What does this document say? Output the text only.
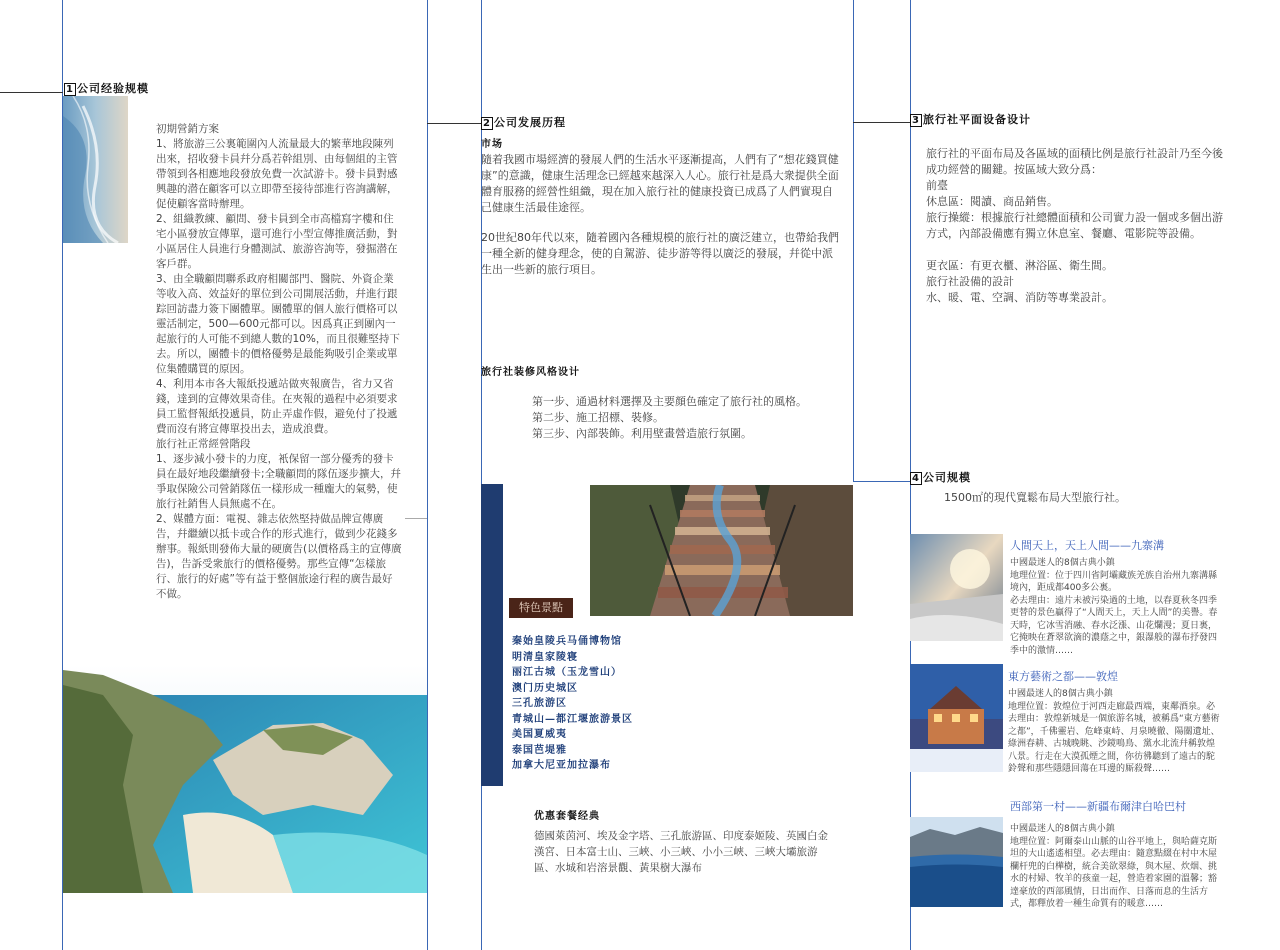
1 公司经验规模

初期營銷方案

1、將旅游三公裏範圍內人流量最大的繁華地段陳列出來，招收發卡員幷分爲若幹組別、由每個組的主管帶領到各相應地段發放免費一次試游卡。發卡員對感興趣的潜在顧客可以立即帶至接待部進行咨詢講解，促使顧客當時辦理。

2、組織教練、顧問、發卡員到全市高檔寫字樓和住宅小區發放宣傳單，還可進行小型宣傳推廣活動，對小區居住人員進行身體測試、旅游咨詢等，發掘潜在客戶群。

3、由全職顧問聯系政府相關部門、醫院、外資企業等收入高、效益好的單位到公司開展活動，幷進行跟踪回訪盡力簽下團體單。團體單的個人旅行價格可以靈活制定，500—600元都可以。因爲真正到團內一起旅行的人可能不到總人數的10%，而且很難堅持下去。所以，團體卡的價格優勢是最能夠吸引企業或單位集體購買的原因。

4、利用本市各大報紙投遞站做夾報廣告，省力又省錢，達到的宣傳效果奇佳。在夾報的過程中必須要求員工監督報紙投遞員，防止弄虛作假，避免付了投遞費而沒有將宣傳單投出去，造成浪費。

旅行社正常經營階段

1、逐步減小發卡的力度，衹保留一部分優秀的發卡員在最好地段繼續發卡;全職顧問的隊伍逐步擴大，幷爭取保險公司營銷隊伍一樣形成一種龐大的氣勢，使旅行社銷售人員無處不在。

2、媒體方面：電視、雜志依然堅持做品牌宣傳廣告，幷繼續以抵卡或合作的形式進行，做到少花錢多辦事。報紙則發佈大量的硬廣告(以價格爲主的宣傳廣告)，告訴受衆旅行的價格優勢。那些宣傳“怎樣旅行、旅行的好處”等有益于整個旅途行程的廣告最好不做。

2 公司发展历程
市场

隨着我國市場經濟的發展人們的生活水平逐漸提高，人們有了“想花錢買健康”的意識，健康生活理念已經越來越深入人心。旅行社是爲大衆提供全面體育服務的經營性組織，現在加入旅行社的健康投資已成爲了人們實現自己健康生活最佳途徑。

20世紀80年代以來，隨着國內各種規模的旅行社的廣泛建立，也帶給我們一種全新的健身理念，使的自駕游、徒步游等得以廣泛的發展，幷從中派生出一些新的旅行項目。

旅行社装修风格设计

第一步、通過材料選擇及主要顔色確定了旅行社的風格。

第二步、施工招標、裝修。

第三步、內部裝飾。利用壁畫營造旅行氛圍。

特色景點
秦始皇陵兵马俑博物馆
明清皇家陵寝
丽江古城（玉龙雪山）
澳门历史城区
三孔旅游区
青城山—都江堰旅游景区
美国夏威夷
泰国芭堤雅
加拿大尼亚加拉瀑布
优惠套餐经典

德國萊茵河、埃及金字塔、三孔旅游區、印度泰姬陵、英國白金漢宮、日本富士山、三峽、小三峽、小小三峽、三峽大壩旅游區、水城和岩溶景觀、黃果樹大瀑布

3 旅行社平面设备设计

旅行社的平面布局及各區域的面積比例是旅行社設計乃至今後成功經營的關鍵。按區域大致分爲：

前臺

休息區：閱讀、商品銷售。

旅行操縱：根據旅行社總體面積和公司實力設一個或多個出游方式，內部設備應有獨立休息室、餐廳、電影院等設備。

更衣區：有更衣櫃、淋浴區、衛生間。

旅行社設備的設計

水、暖、電、空調、消防等專業設計。

4 公司规模
1500㎡的現代寬鬆布局大型旅行社。
人間天上，天上人間——九寨溝

中國最迷人的8個古典小鎮

地理位置：位于四川省阿壩藏族羌族自治州九寨溝縣境內，距成都400多公裏。

必去理由：遠片未被污染過的土地，以春夏秋冬四季更替的景色贏得了“人間天上，天上人間”的美譽。春天時，它冰雪消融、春水泛漲、山花爛漫；夏日裏，它掩映在蒼翠欲滴的濃蔭之中，銀瀑般的瀑布抒發四季中的激情……

東方藝術之都——敦煌

中國最迷人的8個古典小鎮

地理位置：敦煌位于河西走廊最西端，東鄰酒泉。必去理由：敦煌新城是一個旅游名城，被稱爲“東方藝術之都”，千佛靈岩、危峰東峙、月泉曉徹、陽關遺址、綠洲春耕、古城晚眺、沙鏡鳴鳥、黨水北流幷稱敦煌八景。行走在大漠孤煙之間，你彷彿聽到了遠古的駝鈴聲和那些隱隱回蕩在耳邊的厮殺聲……

西部第一村——新疆布爾津白哈巴村

中國最迷人的8個古典小鎮

地理位置：阿爾泰山山脈的山谷平地上，與哈薩克斯坦的大山遙遙相望。必去理由：隨意點綴在村中木屋欄杆兜的白樺樹，統合美欲翠綠，與木屋、炊烟、挑水的村婦、牧羊的孩童一起，營造着家園的溫馨；豁達豪放的西部風情，日出而作、日落而息的生活方式，都釋放着一種生命質有的暖意……
